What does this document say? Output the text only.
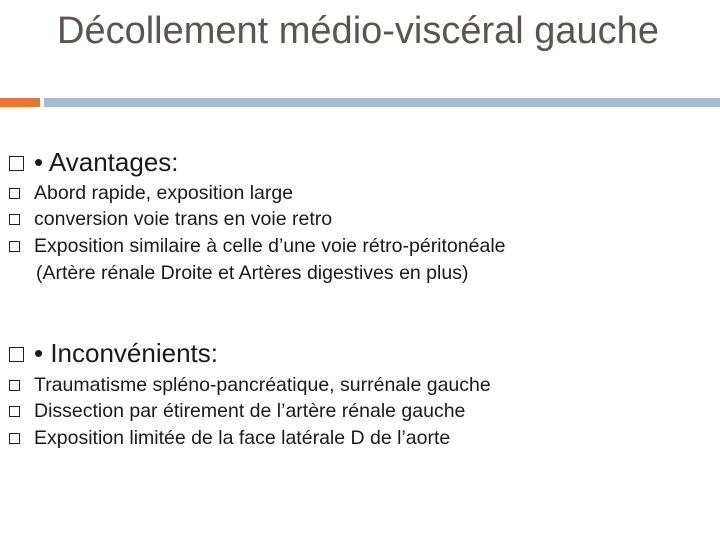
Décollement médio-viscéral gauche
• Avantages:
Abord rapide, exposition large
conversion voie trans en voie retro
Exposition similaire à celle d’une voie rétro-péritonéale
(Artère rénale Droite et Artères digestives en plus)
• Inconvénients:
Traumatisme spléno-pancréatique, surrénale gauche
Dissection par étirement de l’artère rénale gauche
Exposition limitée de la face latérale D de l’aorte
